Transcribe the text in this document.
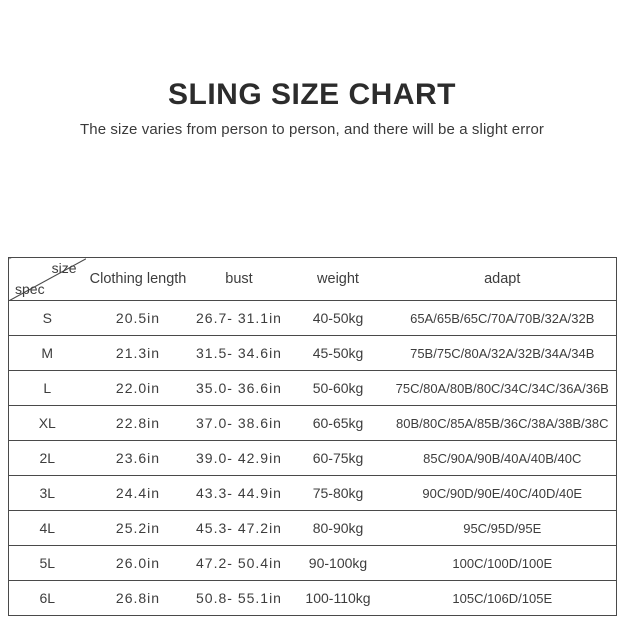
SLING SIZE CHART

The size varies from person to person, and there will be a slight error

size
spec	Clothing length	bust	weight	adapt
S	20.5in	26.7- 31.1in	40-50kg	65A/65B/65C/70A/70B/32A/32B
M	21.3in	31.5- 34.6in	45-50kg	75B/75C/80A/32A/32B/34A/34B
L	22.0in	35.0- 36.6in	50-60kg	75C/80A/80B/80C/34C/34C/36A/36B
XL	22.8in	37.0- 38.6in	60-65kg	80B/80C/85A/85B/36C/38A/38B/38C
2L	23.6in	39.0- 42.9in	60-75kg	85C/90A/90B/40A/40B/40C
3L	24.4in	43.3- 44.9in	75-80kg	90C/90D/90E/40C/40D/40E
4L	25.2in	45.3- 47.2in	80-90kg	95C/95D/95E
5L	26.0in	47.2- 50.4in	90-100kg	100C/100D/100E
6L	26.8in	50.8- 55.1in	100-110kg	105C/106D/105E
